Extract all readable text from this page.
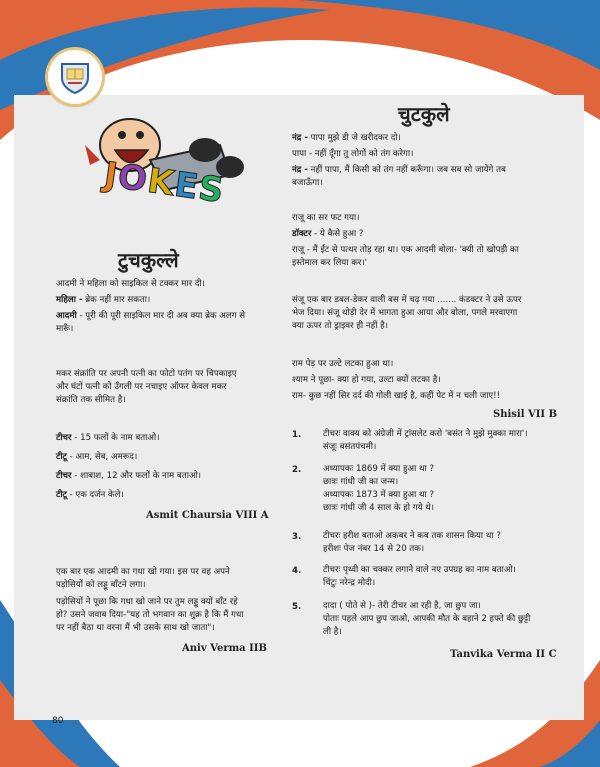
JOKES
टुचकुल्ले
आदमी ने महिला को साइकिल से टक्कर मार दी।
महिला - ब्रेक नहीं मार सकता।
आदमी - पूरी की पूरी साइकिल मार दी अब क्या ब्रेक अलग से
मारूँ।
मकर संक्रांति पर अपनी पत्नी का फोटो पतंग पर चिपकाइए
और घंटों पत्नी को उँगली पर नचाइए ऑफर केवल मकर
संक्रांति तक सीमित है।
टीचर - 15 फलों के नाम बताओ।
टीटू - आम, सेब, अमरूद।
टीचर - शाबाश, 12 और फलों के नाम बताओ।
टीटू - एक दर्जन केले।
Asmit Chaursia VIII A
एक बार एक आदमी का गधा खो गया। इस पर वह अपने
पड़ोसियों को लड्डू बाँटने लगा।
पड़ोसियों ने पूछा कि गधा खो जाने पर तुम लड्डू क्यों बाँट रहे
हो? उसने जवाब दिया-"यह तो भगवान का शुक्र है कि मैं गधा
पर नहीं बैठा था वरना मैं भी उसके साथ खो जाता"।
Aniv Verma IIB
चुटकुले
नंद्र - पापा मुझे डी जे खरीदकर दो।
पापा - नहीं दूँगा तु लोगों को तंग करेगा।
नंद्र - नहीं पापा, मैं किसी को तंग नहीं करूँगा। जब सब सो जायेंगे तब
बजाऊँगा।
राजू का सर फट गया।
डॉक्टर - ये कैसे हुआ ?
राजू - मैं ईंट से पत्थर तोड़ रहा था। एक आदमी बोला- 'क्यी तो खोपड़ी का
इस्तेमाल कर लिया कर।'
संजू एक बार डबल-डेकर वाली बस में चढ़ गया ....... कंडक्टर ने उसे ऊपर
भेज दिया। संजू थोड़ी देर में भागता हुआ आया और बोला, पगले मरवाएगा
क्या ऊपर तो ड्राइवर ही नहीं है।
राम पेड़ पर उल्टे लटका हुआ था।
श्याम ने पूछा- क्या हो गया, उल्टा क्यों लटका है।
राम- कुछ नहीं सिर दर्द की गोली खाई है, कहीं पेट में न चली जाए!!
Shisil VII B
1.	टीचरः वाक्य को अंग्रेजी में ट्रांसलेट करो 'बसंत ने मुझे मुक्का मारा'।
संजूः बसंतपंचमी।
2.	अध्यापकः 1869 में क्या हुआ था ?
छात्रः गांधी जी का जन्म।
अध्यापकः 1873 में क्या हुआ था ?
छात्रः गांधी जी 4 साल के हो गये थे।
3.	टीचरः हरीश बताओ अकबर ने कब तक शासन किया था ?
हरीशः पेज नंबर 14 से 20 तक।
4.	टीचरः पृथ्वी का चक्कर लगाने वाले नए उपग्रह का नाम बताओ।
चिंटुः नरेन्द्र मोदी।
5.	दादा ( पोते से )- तेरी टीचर आ रही है, जा छुप जा।
पोताः पहले आप छुप जाओ, आपकी मौत के बहाने 2 हफ्ते की छुट्टी
ली है।
Tanvika Verma II C
80
